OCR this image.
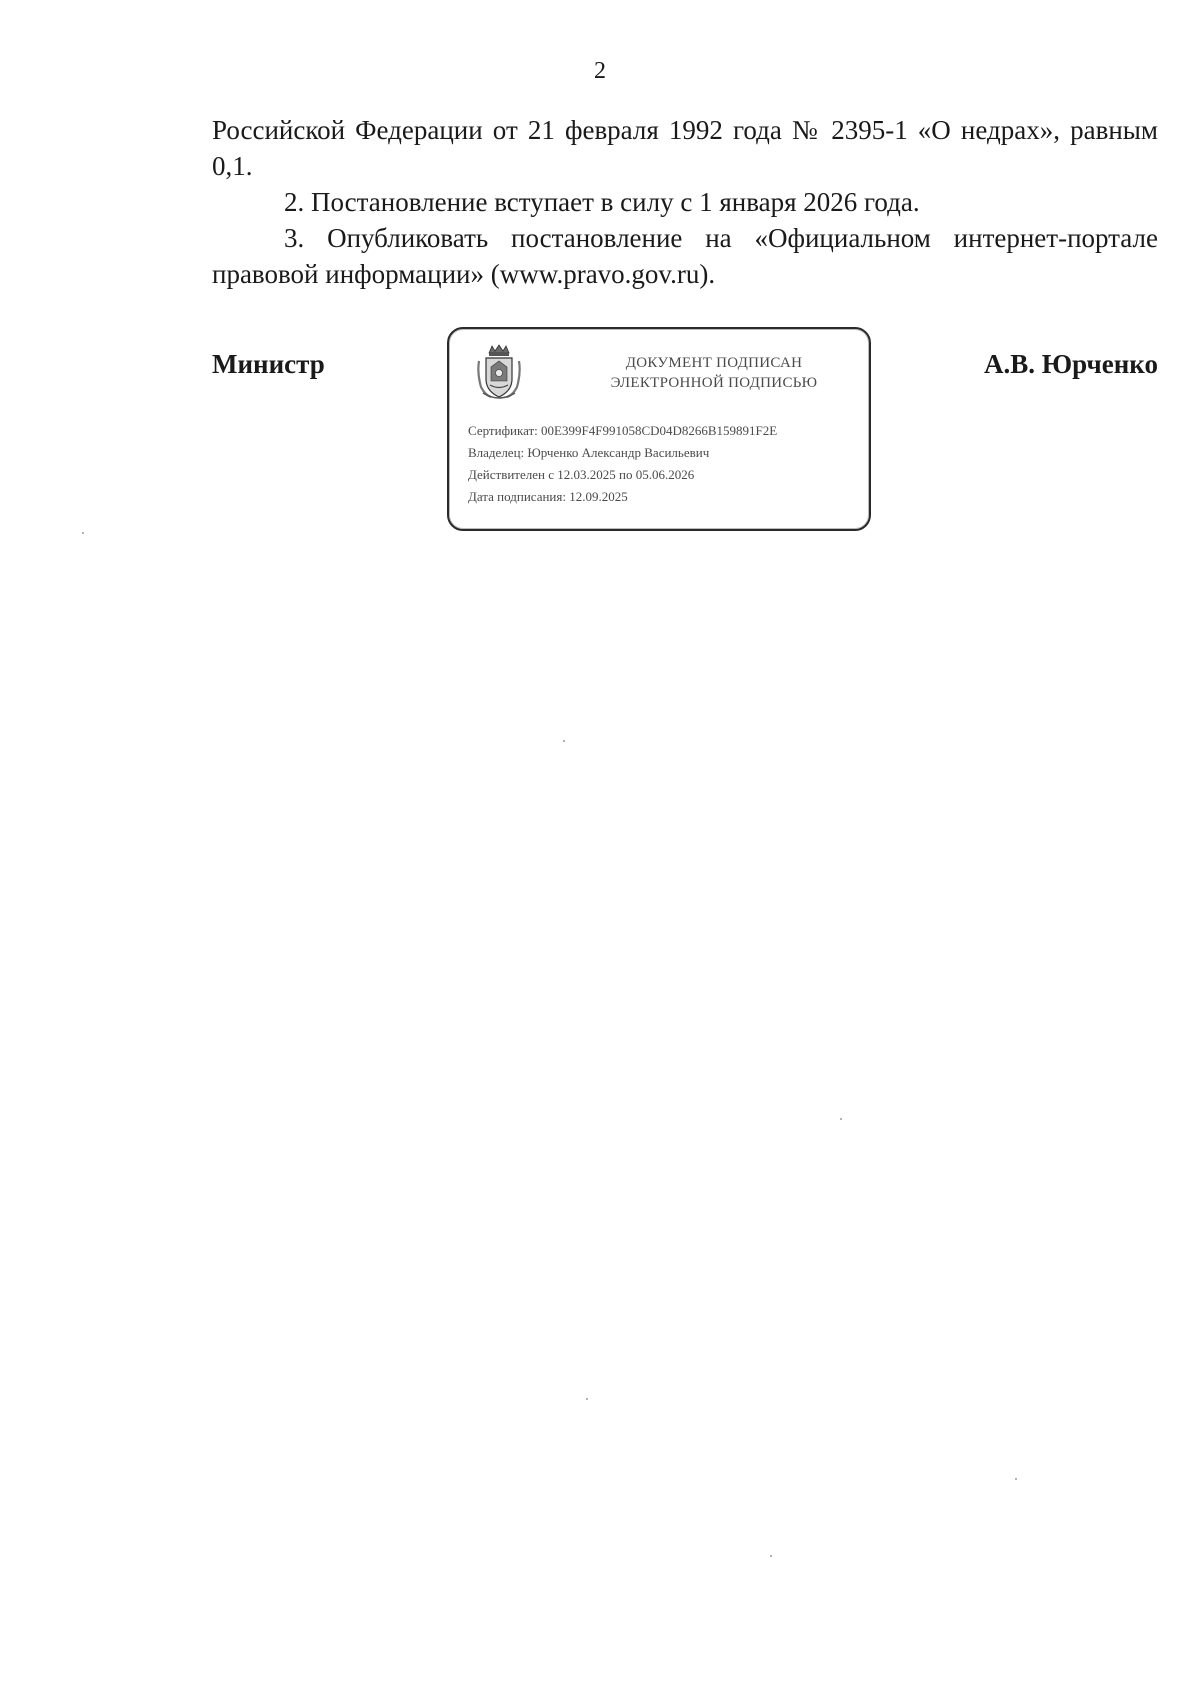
2

Российской Федерации от 21 февраля 1992 года № 2395-1 «О недрах», равным 0,1.

2. Постановление вступает в силу с 1 января 2026 года.

3. Опубликовать постановление на «Официальном интернет-портале правовой информации» (www.pravo.gov.ru).

Министр	А.В. Юрченко
ДОКУМЕНТ ПОДПИСАН
ЭЛЕКТРОННОЙ ПОДПИСЬЮ
Сертификат: 00E399F4F991058CD04D8266B159891F2E
Владелец: Юрченко Александр Васильевич
Действителен с 12.03.2025 по 05.06.2026
Дата подписания: 12.09.2025
